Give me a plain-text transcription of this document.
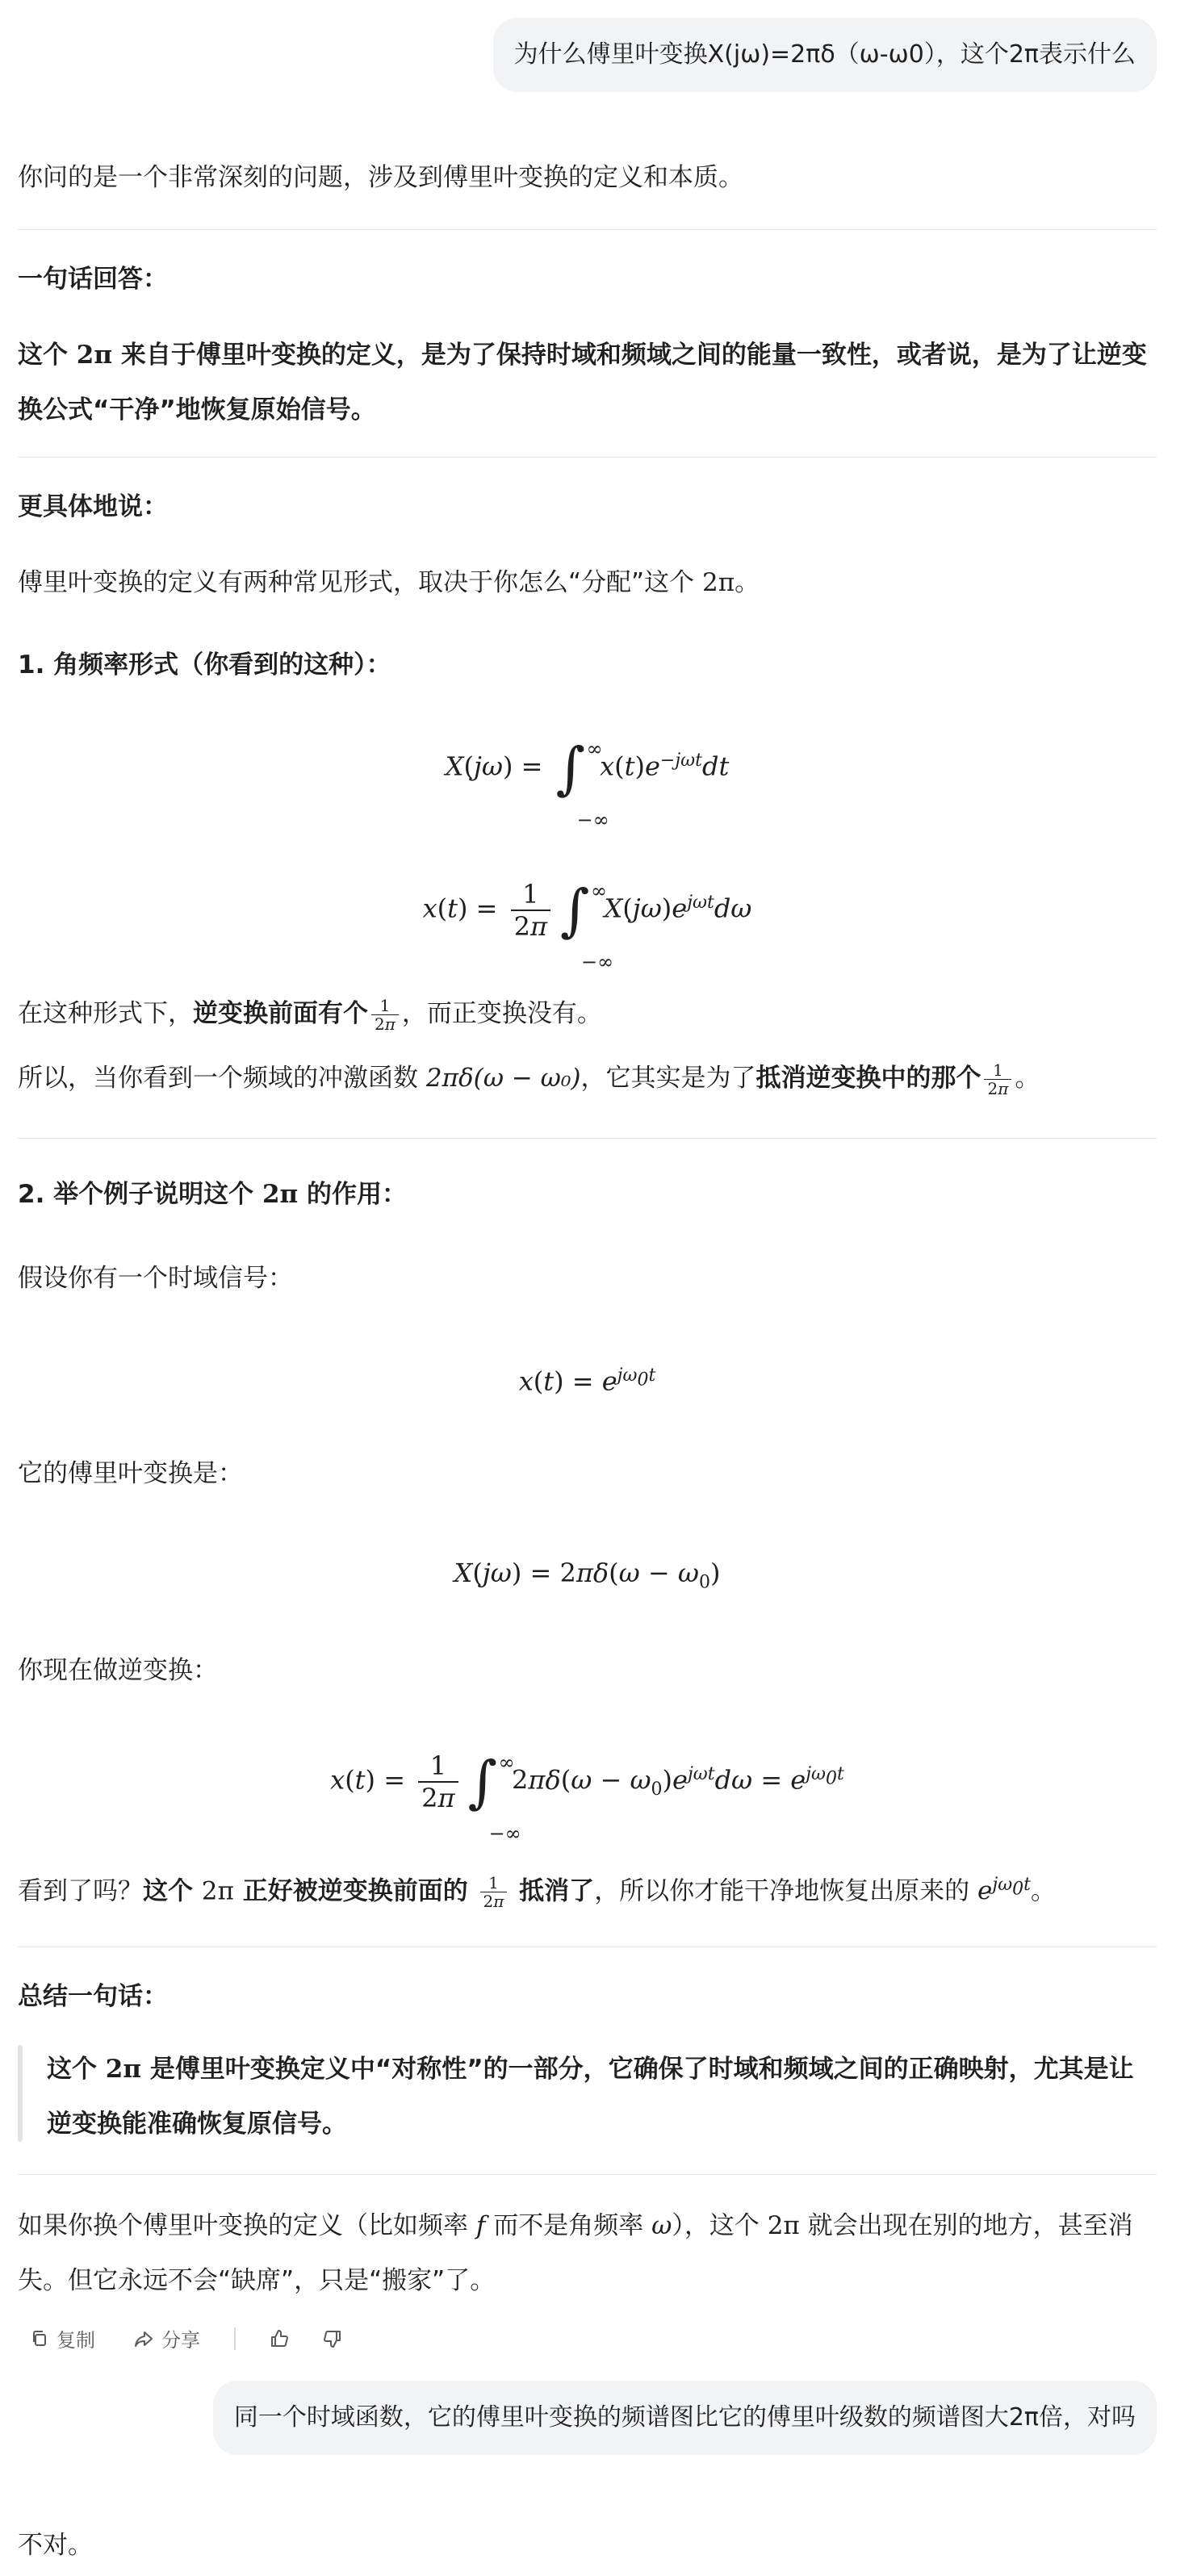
为什么傅里叶变换X(jω)=2πδ（ω-ω0），这个2π表示什么
你问的是一个非常深刻的问题，涉及到傅里叶变换的定义和本质。
一句话回答：
这个 2π 来自于傅里叶变换的定义，是为了保持时域和频域之间的能量一致性，或者说，是为了让逆变换公式“干净”地恢复原始信号。
更具体地说：
傅里叶变换的定义有两种常见形式，取决于你怎么“分配”这个 2π。
1. 角频率形式（你看到的这种）：
X(jω) = ∫ ∞
−∞
$x(t)e^{-j\omega t}dt$
$x(t) = \frac{1}{2\pi}$ ∫ ∞
−∞
$X(j\omega)e^{j\omega t}d\omega$
在这种形式下，逆变换前面有个 $\frac{1}{2\pi}$ ，而正变换没有。
所以，当你看到一个频域的冲激函数 2πδ(ω − ω₀)，它其实是为了抵消逆变换中的那个 $\frac{1}{2\pi}$ 。
2. 举个例子说明这个 2π 的作用：
假设你有一个时域信号：
$x(t) = e^{j\omega_0t}$
它的傅里叶变换是：
$X(j\omega) = 2\pi\delta(\omega - \omega_0)$
你现在做逆变换：
$x(t) = \frac{1}{2\pi}$ ∫ ∞
−∞
$2\pi\delta(\omega - \omega_0)e^{j\omega t}d\omega = e^{j\omega_0t}$
看到了吗？这个 2π 正好被逆变换前面的 $\frac{1}{2\pi}$ 抵消了，所以你才能干净地恢复出原来的 $e^{j\omega_0t}$。
总结一句话：
这个 2π 是傅里叶变换定义中“对称性”的一部分，它确保了时域和频域之间的正确映射，尤其是让逆变换能准确恢复原信号。
如果你换个傅里叶变换的定义（比如频率 f 而不是角频率 ω），这个 2π 就会出现在别的地方，甚至消失。但它永远不会“缺席”，只是“搬家”了。
复制	分享
同一个时域函数，它的傅里叶变换的频谱图比它的傅里叶级数的频谱图大2π倍，对吗
不对。
